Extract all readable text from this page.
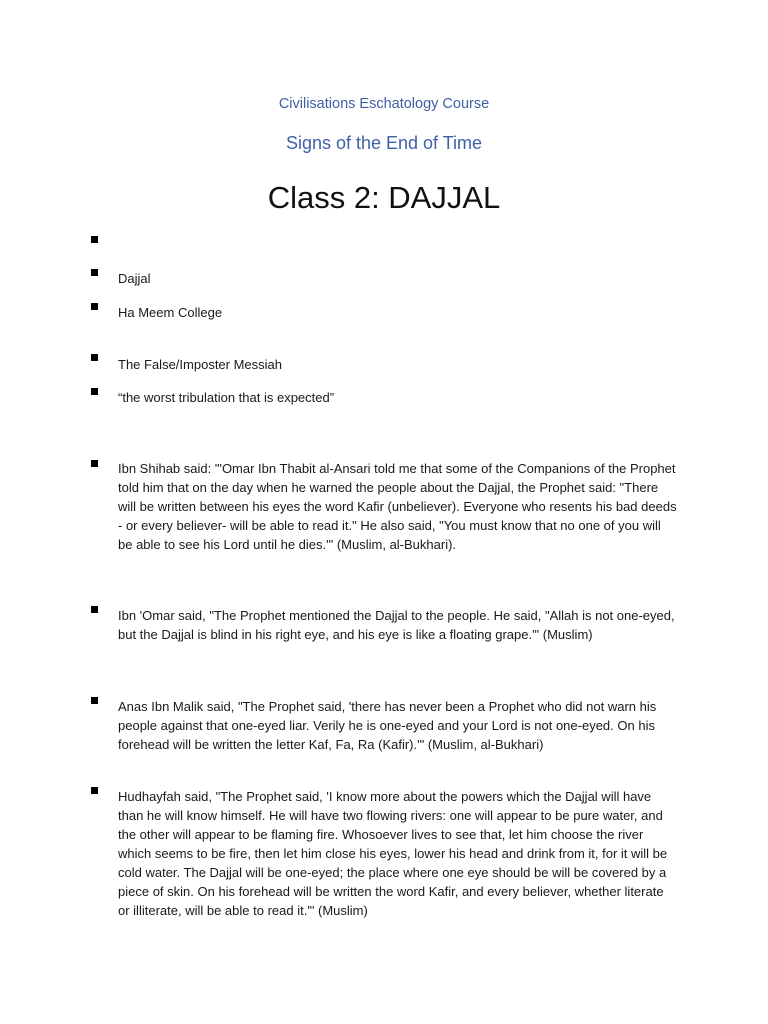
Civilisations Eschatology Course
Signs of the End of Time
Class 2: DAJJAL
Dajjal
Ha Meem College
The False/Imposter Messiah
“the worst tribulation that is expected”
Ibn Shihab said: "'Omar Ibn Thabit al-Ansari told me that some of the Companions of the Prophet told him that on the day when he warned the people about the Dajjal, the Prophet said: "There will be written between his eyes the word Kafir (unbeliever). Everyone who resents his bad deeds - or every believer- will be able to read it." He also said, "You must know that no one of you will be able to see his Lord until he dies.'" (Muslim, al-Bukhari).
Ibn 'Omar said, "The Prophet mentioned the Dajjal to the people. He said, "Allah is not one-eyed, but the Dajjal is blind in his right eye, and his eye is like a floating grape.'" (Muslim)
Anas Ibn Malik said, "The Prophet said, 'there has never been a Prophet who did not warn his people against that one-eyed liar. Verily he is one-eyed and your Lord is not one-eyed. On his forehead will be written the letter Kaf, Fa, Ra (Kafir).'" (Muslim, al-Bukhari)
Hudhayfah said, "The Prophet said, 'I know more about the powers which the Dajjal will have than he will know himself. He will have two flowing rivers: one will appear to be pure water, and the other will appear to be flaming fire. Whosoever lives to see that, let him choose the river which seems to be fire, then let him close his eyes, lower his head and drink from it, for it will be cold water. The Dajjal will be one-eyed; the place where one eye should be will be covered by a piece of skin. On his forehead will be written the word Kafir, and every believer, whether literate or illiterate, will be able to read it.'" (Muslim)
